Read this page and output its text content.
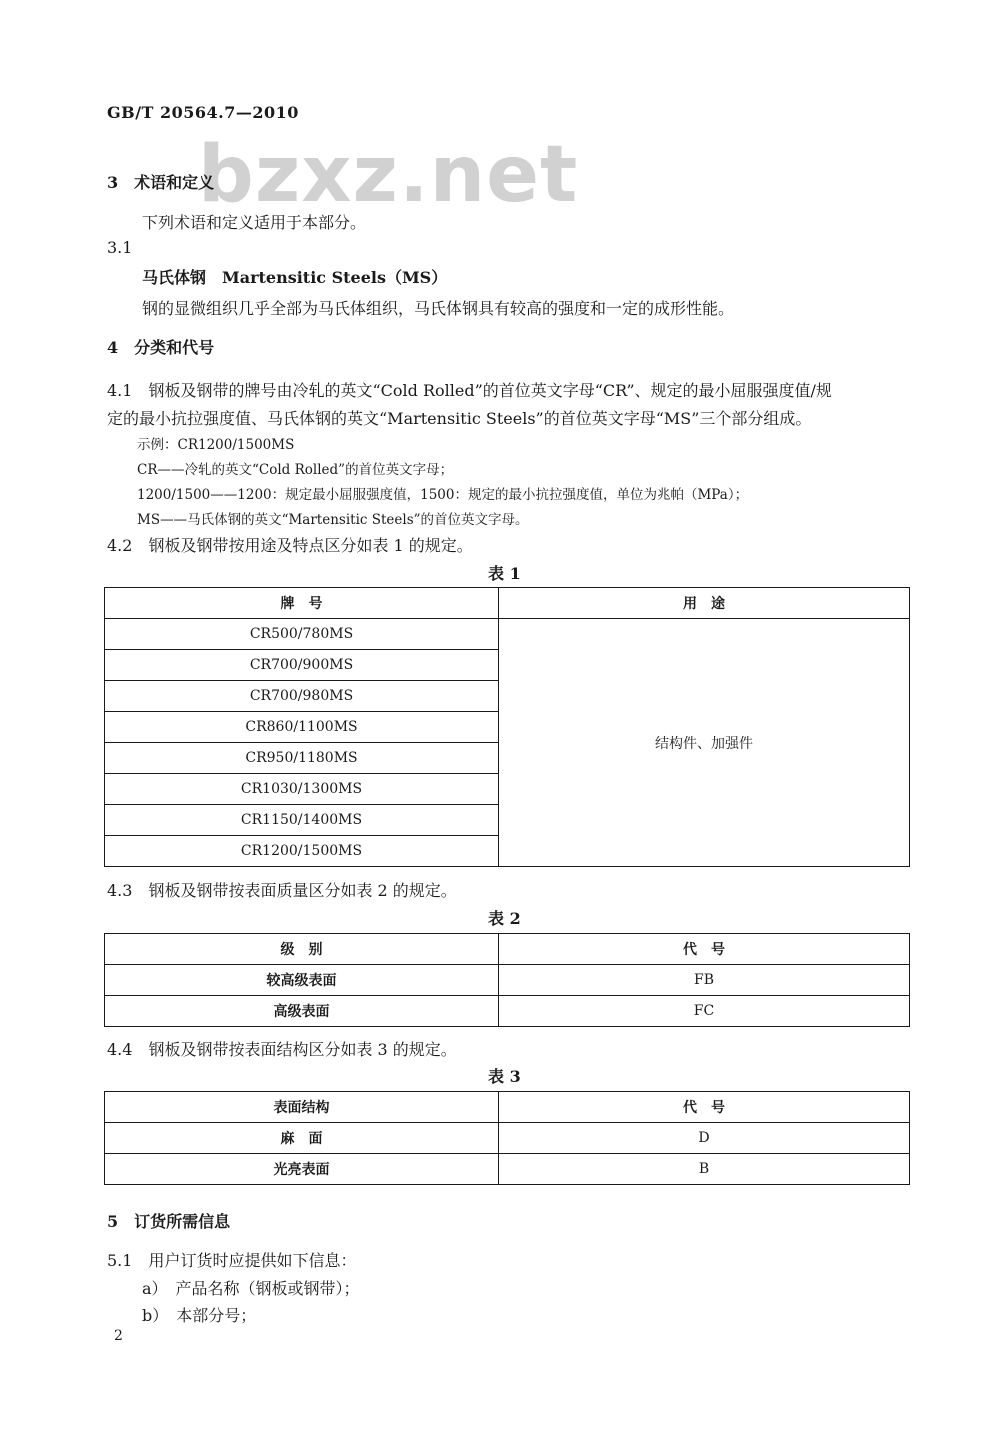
GB/T 20564.7—2010
bzxz.net
3　术语和定义
下列术语和定义适用于本部分。
3.1
马氏体钢　Martensitic Steels（MS）
钢的显微组织几乎全部为马氏体组织，马氏体钢具有较高的强度和一定的成形性能。
4　分类和代号
4.1　钢板及钢带的牌号由冷轧的英文“Cold Rolled”的首位英文字母“CR”、规定的最小屈服强度值/规
定的最小抗拉强度值、马氏体钢的英文“Martensitic Steels”的首位英文字母“MS”三个部分组成。
示例：CR1200/1500MS
CR——冷轧的英文“Cold Rolled”的首位英文字母；
1200/1500——1200：规定最小屈服强度值，1500：规定的最小抗拉强度值，单位为兆帕（MPa）；
MS——马氏体钢的英文“Martensitic Steels”的首位英文字母。
4.2　钢板及钢带按用途及特点区分如表 1 的规定。
表 1
牌　号	用　途
CR500/780MS	结构件、加强件
CR700/900MS	
CR700/980MS	
CR860/1100MS	
CR950/1180MS	
CR1030/1300MS	
CR1150/1400MS	
CR1200/1500MS	
4.3　钢板及钢带按表面质量区分如表 2 的规定。
表 2
级　别	代　号
较高级表面	FB
高级表面	FC
4.4　钢板及钢带按表面结构区分如表 3 的规定。
表 3
表面结构	代　号
麻　面	D
光亮表面	B
5　订货所需信息
5.1　用户订货时应提供如下信息：
a）　产品名称（钢板或钢带）；
b）　本部分号；
2
